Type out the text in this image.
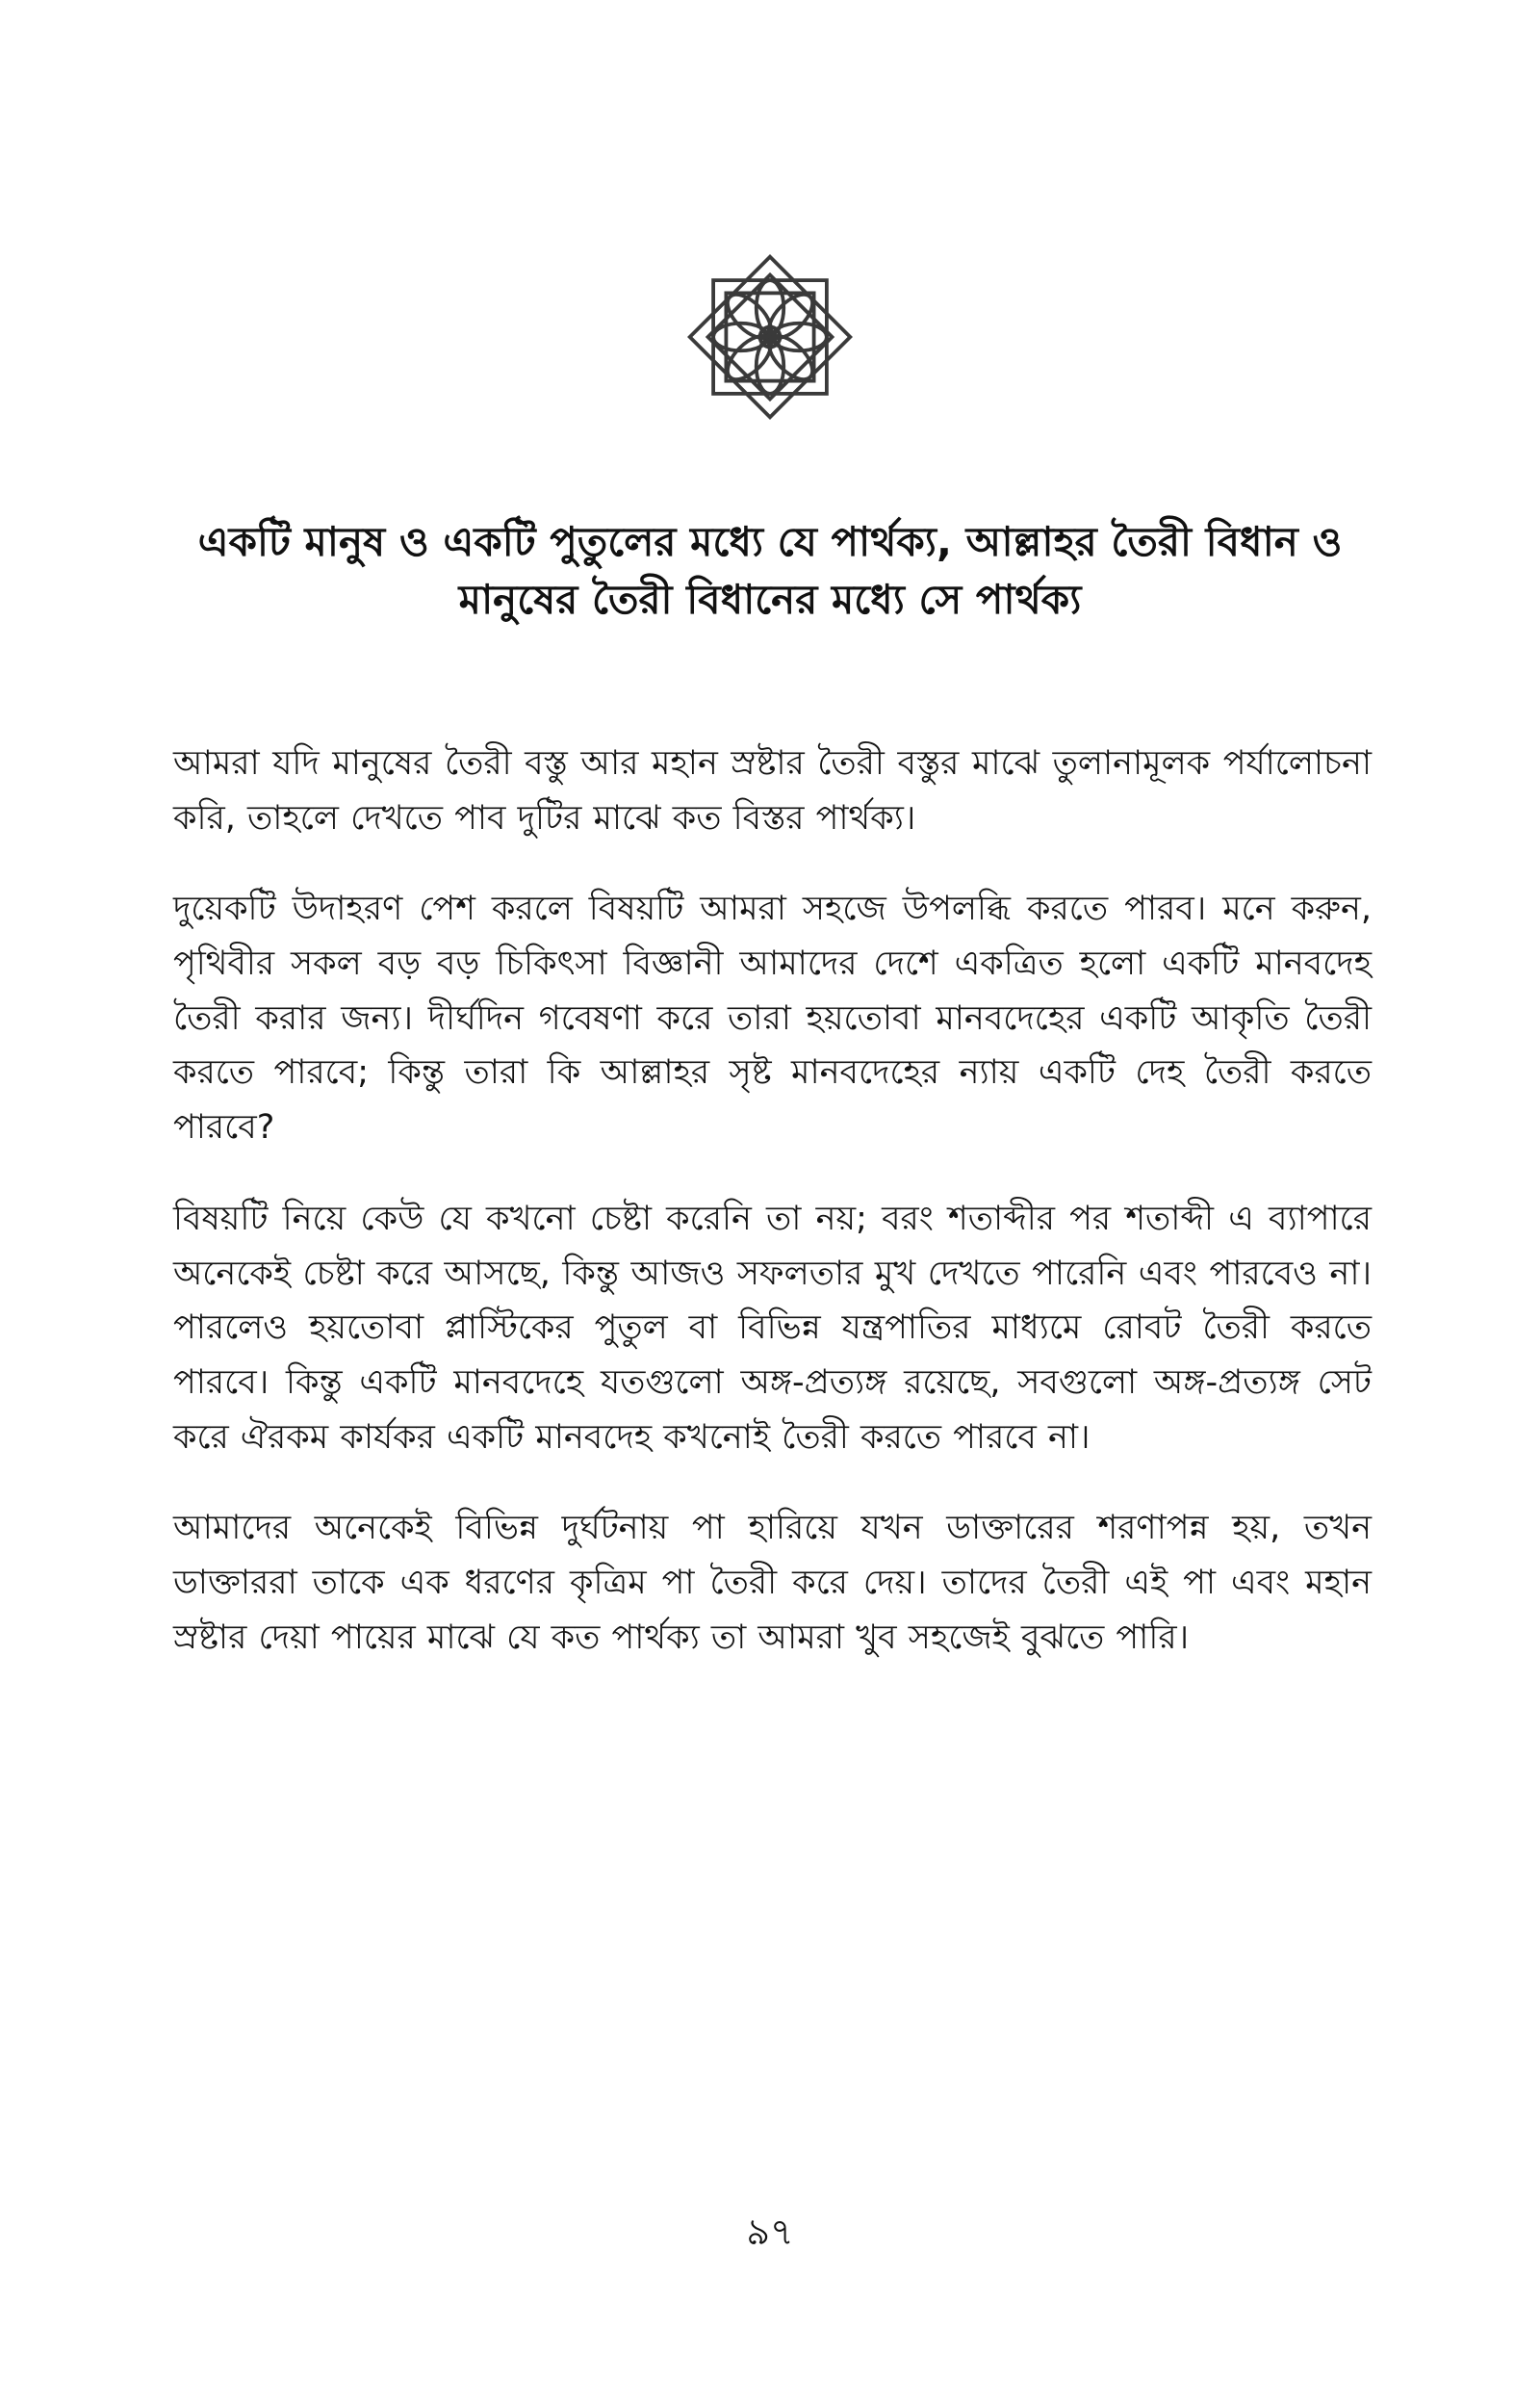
একটি মানুষ ও একটি পুতুলের মধ্যে যে পার্থক্য, আল্লাহর তৈরী বিধান ও মানুষের তৈরী বিধানের মধ্যে সে পার্থক্য

আমরা যদি মানুষের তৈরী বস্তু আর মহান স্রষ্টার তৈরী বস্তুর মাঝে তুলানামূলক পর্যালোচনা করি, তাহলে দেখতে পাব দুটির মাঝে কত বিস্তর পার্থক্য।

দুয়েকটি উদাহরণ পেশ করলে বিষয়টি আমরা সহজে উপলব্ধি করতে পারব। মনে করুন, পৃথিবীর সকল বড় বড় চিকিৎসা বিজ্ঞানী আমাদের দেশে একত্রিত হলো একটি মানবদেহ তৈরী করার জন্য। দীর্ঘদিন গবেষণা করে তারা হয়তোবা মানবদেহের একটি আকৃতি তৈরী করতে পারবে; কিন্তু তারা কি আল্লাহর সৃষ্ট মানবদেহের ন্যায় একটি দেহ তৈরী করতে পারবে?

বিষয়টি নিয়ে কেউ যে কখনো চেষ্টা করেনি তা নয়; বরং শতাব্দীর পর শতাব্দী এ ব্যাপারে অনেকেই চেষ্টা করে আসছে, কিন্তু আজও সফলতার মুখ দেখতে পারেনি এবং পারবেও না। পারলেও হয়তোবা প্লাস্টিকের পুতুল বা বিভিন্ন যন্ত্রপাতির মাধ্যমে রোবট তৈরী করতে পারবে। কিন্তু একটি মানবদেহে যতগুলো অঙ্গ-প্রত্যঙ্গ রয়েছে, সবগুলো অঙ্গ-প্রত্যঙ্গ সেট করে ঐরকম কার্যকর একটি মানবদেহ কখনোই তৈরী করতে পারবে না।

আমাদের অনেকেই বিভিন্ন দুর্ঘটনায় পা হারিয়ে যখন ডাক্তারের শরণাপন্ন হয়, তখন ডাক্তাররা তাকে এক ধরণের কৃত্রিম পা তৈরী করে দেয়। তাদের তৈরী এই পা এবং মহান স্রষ্টার দেয়া পায়ের মাঝে যে কত পার্থক্য তা আমরা খুব সহজেই বুঝতে পারি।

৯৭
